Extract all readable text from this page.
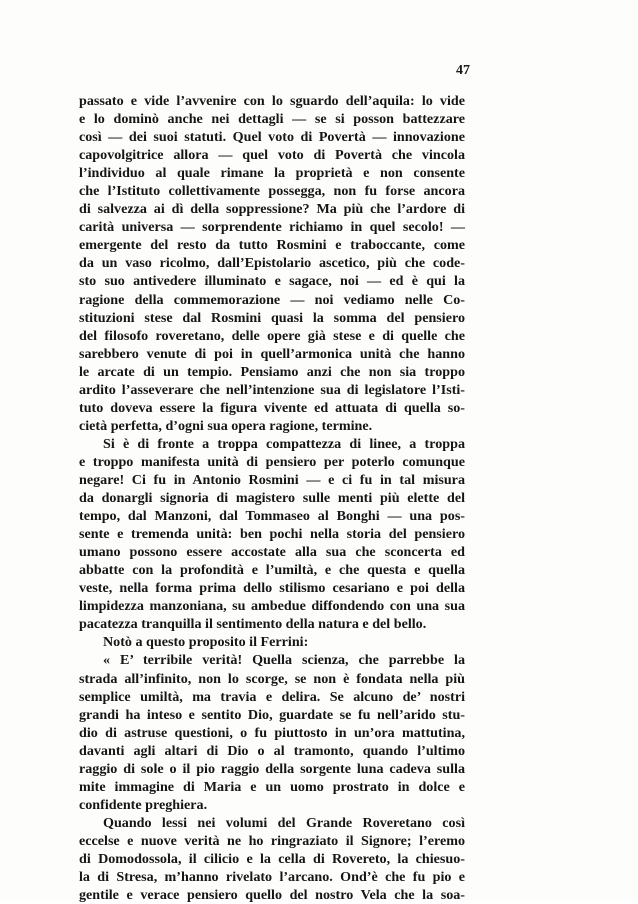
47
passato e vide l’avvenire con lo sguardo dell’aquila: lo vide
e lo dominò anche nei dettagli — se si posson battezzare
così — dei suoi statuti. Quel voto di Povertà — innovazione
capovolgitrice allora — quel voto di Povertà che vincola
l’individuo al quale rimane la proprietà e non consente
che l’Istituto collettivamente possegga, non fu forse ancora
di salvezza ai dì della soppressione? Ma più che l’ardore di
carità universa — sorprendente richiamo in quel secolo! —
emergente del resto da tutto Rosmini e traboccante, come
da un vaso ricolmo, dall’Epistolario ascetico, più che code-
sto suo antivedere illuminato e sagace, noi — ed è qui la
ragione della commemorazione — noi vediamo nelle Co-
stituzioni stese dal Rosmini quasi la somma del pensiero
del filosofo roveretano, delle opere già stese e di quelle che
sarebbero venute di poi in quell’armonica unità che hanno
le arcate di un tempio. Pensiamo anzi che non sia troppo
ardito l’asseverare che nell’intenzione sua di legislatore l’Isti-
tuto doveva essere la figura vivente ed attuata di quella so-
cietà perfetta, d’ogni sua opera ragione, termine.
Si è di fronte a troppa compattezza di linee, a troppa
e troppo manifesta unità di pensiero per poterlo comunque
negare! Ci fu in Antonio Rosmini — e ci fu in tal misura
da donargli signoria di magistero sulle menti più elette del
tempo, dal Manzoni, dal Tommaseo al Bonghi — una pos-
sente e tremenda unità: ben pochi nella storia del pensiero
umano possono essere accostate alla sua che sconcerta ed
abbatte con la profondità e l’umiltà, e che questa e quella
veste, nella forma prima dello stilismo cesariano e poi della
limpidezza manzoniana, su ambedue diffondendo con una sua
pacatezza tranquilla il sentimento della natura e del bello.
Notò a questo proposito il Ferrini:
« E’ terribile verità! Quella scienza, che parrebbe la
strada all’infinito, non lo scorge, se non è fondata nella più
semplice umiltà, ma travia e delira. Se alcuno de’ nostri
grandi ha inteso e sentito Dio, guardate se fu nell’arido stu-
dio di astruse questioni, o fu piuttosto in un’ora mattutina,
davanti agli altari di Dio o al tramonto, quando l’ultimo
raggio di sole o il pio raggio della sorgente luna cadeva sulla
mite immagine di Maria e un uomo prostrato in dolce e
confidente preghiera.
Quando lessi nei volumi del Grande Roveretano così
eccelse e nuove verità ne ho ringraziato il Signore; l’eremo
di Domodossola, il cilicio e la cella di Rovereto, la chiesuo-
la di Stresa, m’hanno rivelato l’arcano. Ond’è che fu pio e
gentile e verace pensiero quello del nostro Vela che la soa-
